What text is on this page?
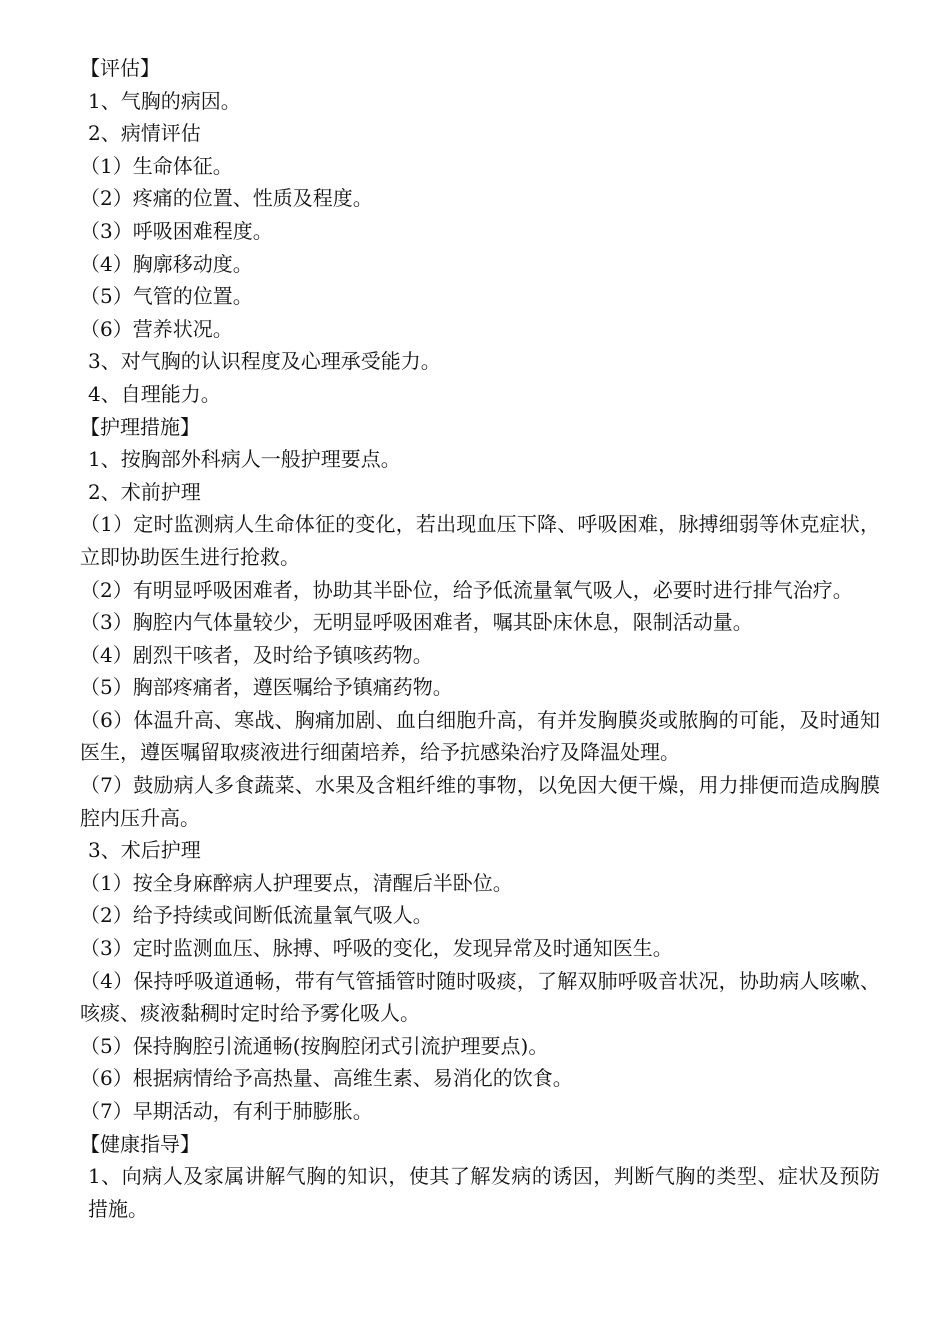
【评估】
1、气胸的病因。
2、病情评估
（1）生命体征。
（2）疼痛的位置、性质及程度。
（3）呼吸困难程度。
（4）胸廓移动度。
（5）气管的位置。
（6）营养状况。
3、对气胸的认识程度及心理承受能力。
4、自理能力。
【护理措施】
1、按胸部外科病人一般护理要点。
2、术前护理
（1）定时监测病人生命体征的变化，若出现血压下降、呼吸困难，脉搏细弱等休克症状，立即协助医生进行抢救。
（2）有明显呼吸困难者，协助其半卧位，给予低流量氧气吸人，必要时进行排气治疗。
（3）胸腔内气体量较少，无明显呼吸困难者，嘱其卧床休息，限制活动量。
（4）剧烈干咳者，及时给予镇咳药物。
（5）胸部疼痛者，遵医嘱给予镇痛药物。
（6）体温升高、寒战、胸痛加剧、血白细胞升高，有并发胸膜炎或脓胸的可能，及时通知医生，遵医嘱留取痰液进行细菌培养，给予抗感染治疗及降温处理。
（7）鼓励病人多食蔬菜、水果及含粗纤维的事物，以免因大便干燥，用力排便而造成胸膜腔内压升高。
3、术后护理
（1）按全身麻醉病人护理要点，清醒后半卧位。
（2）给予持续或间断低流量氧气吸人。
（3）定时监测血压、脉搏、呼吸的变化，发现异常及时通知医生。
（4）保持呼吸道通畅，带有气管插管时随时吸痰，了解双肺呼吸音状况，协助病人咳嗽、咳痰、痰液黏稠时定时给予雾化吸人。
（5）保持胸腔引流通畅(按胸腔闭式引流护理要点)。
（6）根据病情给予高热量、高维生素、易消化的饮食。
（7）早期活动，有利于肺膨胀。
【健康指导】
1、向病人及家属讲解气胸的知识，使其了解发病的诱因，判断气胸的类型、症状及预防措施。
